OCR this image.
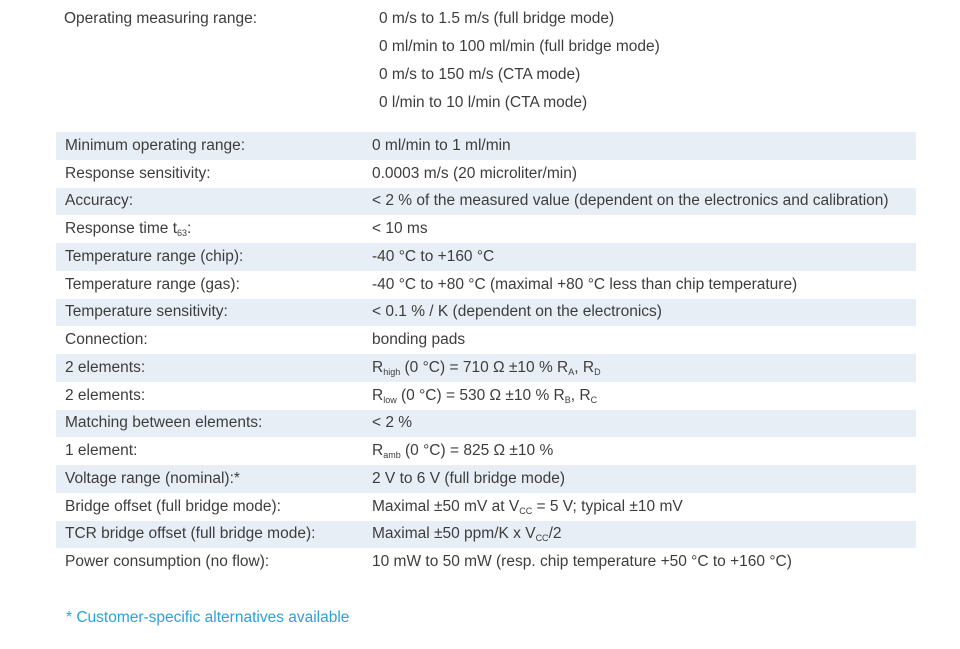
Operating measuring range:	0 m/s to 1.5 m/s (full bridge mode)
0 ml/min to 100 ml/min (full bridge mode)
0 m/s to 150 m/s (CTA mode)
0 l/min to 10 l/min (CTA mode)
Minimum operating range:	0 ml/min to 1 ml/min
Response sensitivity:	0.0003 m/s (20 microliter/min)
Accuracy:	< 2 % of the measured value (dependent on the electronics and calibration)
Response time $t_{63}$:	< 10 ms
Temperature range (chip):	-40 °C to +160 °C
Temperature range (gas):	-40 °C to +80 °C (maximal +80 °C less than chip temperature)
Temperature sensitivity:	< 0.1 % / K (dependent on the electronics)
Connection:	bonding pads
2 elements:	$R_{high}$ (0 °C) = 710 Ω ±10 % $R_A$, $R_D$
2 elements:	$R_{low}$ (0 °C) = 530 Ω ±10 % $R_B$, $R_C$
Matching between elements:	< 2 %
1 element:	$R_{amb}$ (0 °C) = 825 Ω ±10 %
Voltage range (nominal):*	2 V to 6 V (full bridge mode)
Bridge offset (full bridge mode):	Maximal ±50 mV at $V_{CC} = 5$ V; typical ±10 mV
TCR bridge offset (full bridge mode):	Maximal ±50 ppm/K x $V_{CC}/2$
Power consumption (no flow):	10 mW to 50 mW (resp. chip temperature +50 °C to +160 °C)
* Customer-specific alternatives available
